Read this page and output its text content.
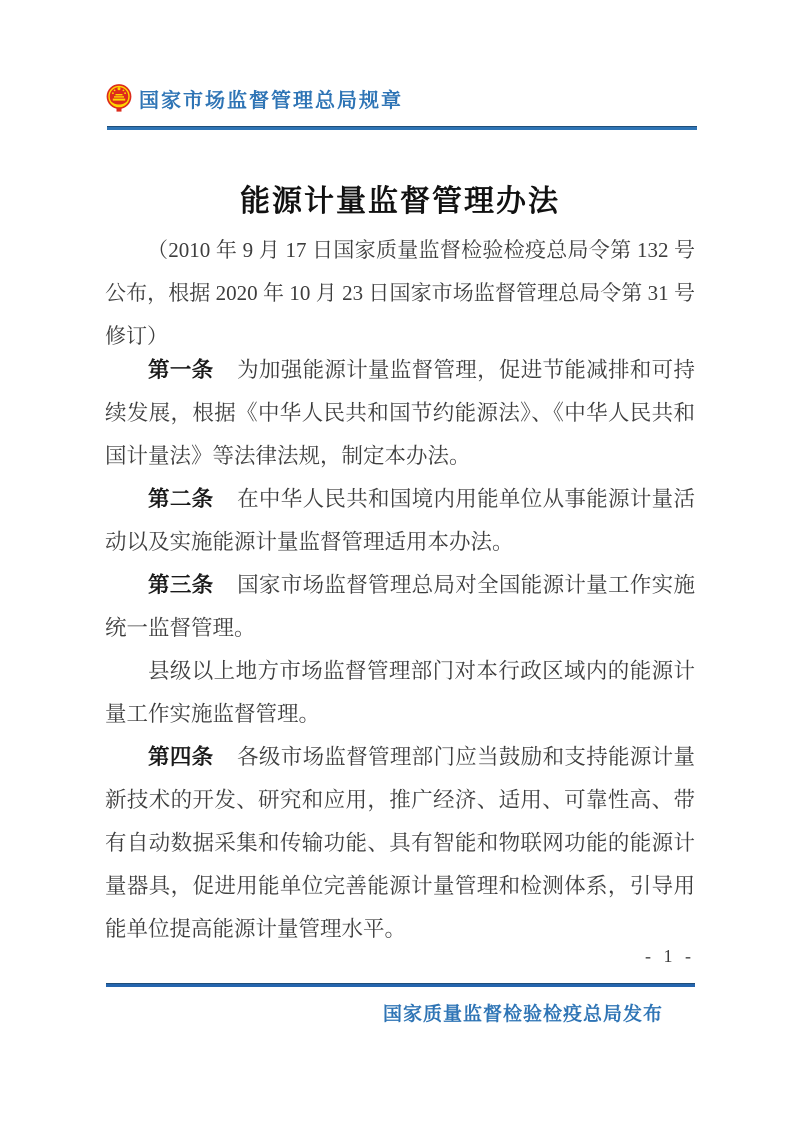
国家市场监督管理总局规章
能源计量监督管理办法
（2010 年 9 月 17 日国家质量监督检验检疫总局令第 132 号公布，根据 2020 年 10 月 23 日国家市场监督管理总局令第 31 号修订）

第一条 为加强能源计量监督管理，促进节能减排和可持续发展，根据《中华人民共和国节约能源法》、《中华人民共和国计量法》等法律法规，制定本办法。

第二条 在中华人民共和国境内用能单位从事能源计量活动以及实施能源计量监督管理适用本办法。

第三条 国家市场监督管理总局对全国能源计量工作实施统一监督管理。

县级以上地方市场监督管理部门对本行政区域内的能源计量工作实施监督管理。

第四条 各级市场监督管理部门应当鼓励和支持能源计量新技术的开发、研究和应用，推广经济、适用、可靠性高、带有自动数据采集和传输功能、具有智能和物联网功能的能源计量器具，促进用能单位完善能源计量管理和检测体系，引导用能单位提高能源计量管理水平。

- 1 -
国家质量监督检验检疫总局发布
